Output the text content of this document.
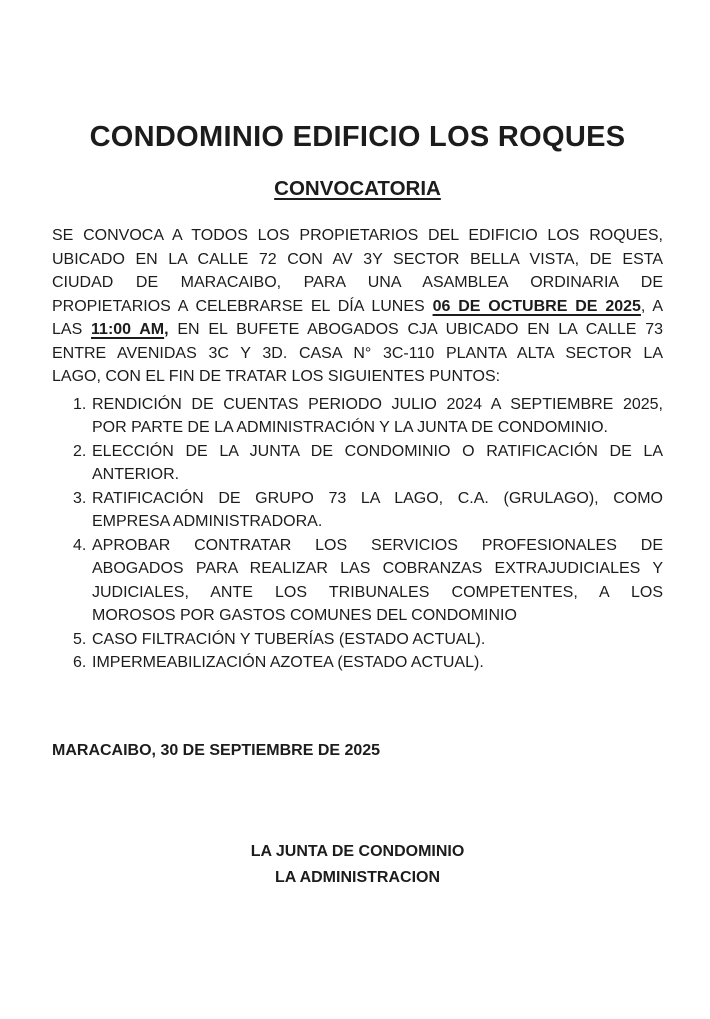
CONDOMINIO EDIFICIO LOS ROQUES
CONVOCATORIA
SE CONVOCA A TODOS LOS PROPIETARIOS DEL EDIFICIO LOS ROQUES,
UBICADO EN LA CALLE 72 CON AV 3Y SECTOR BELLA VISTA, DE ESTA
CIUDAD DE MARACAIBO, PARA UNA ASAMBLEA ORDINARIA DE
PROPIETARIOS A CELEBRARSE EL DÍA LUNES 06 DE OCTUBRE DE 2025, A
LAS 11:00 AM, EN EL BUFETE ABOGADOS CJA UBICADO EN LA CALLE 73
ENTRE AVENIDAS 3C Y 3D. CASA N° 3C-110 PLANTA ALTA SECTOR LA
LAGO, CON EL FIN DE TRATAR LOS SIGUIENTES PUNTOS:
1. RENDICIÓN DE CUENTAS PERIODO JULIO 2024 A SEPTIEMBRE 2025,
POR PARTE DE LA ADMINISTRACIÓN Y LA JUNTA DE CONDOMINIO.
2. ELECCIÓN DE LA JUNTA DE CONDOMINIO O RATIFICACIÓN DE LA
ANTERIOR.
3. RATIFICACIÓN DE GRUPO 73 LA LAGO, C.A. (GRULAGO), COMO
EMPRESA ADMINISTRADORA.
4. APROBAR CONTRATAR LOS SERVICIOS PROFESIONALES DE
ABOGADOS PARA REALIZAR LAS COBRANZAS EXTRAJUDICIALES Y
JUDICIALES, ANTE LOS TRIBUNALES COMPETENTES, A LOS
MOROSOS POR GASTOS COMUNES DEL CONDOMINIO
5. CASO FILTRACIÓN Y TUBERÍAS (ESTADO ACTUAL).
6. IMPERMEABILIZACIÓN AZOTEA (ESTADO ACTUAL).
MARACAIBO, 30 DE SEPTIEMBRE DE 2025
LA JUNTA DE CONDOMINIO
LA ADMINISTRACION
